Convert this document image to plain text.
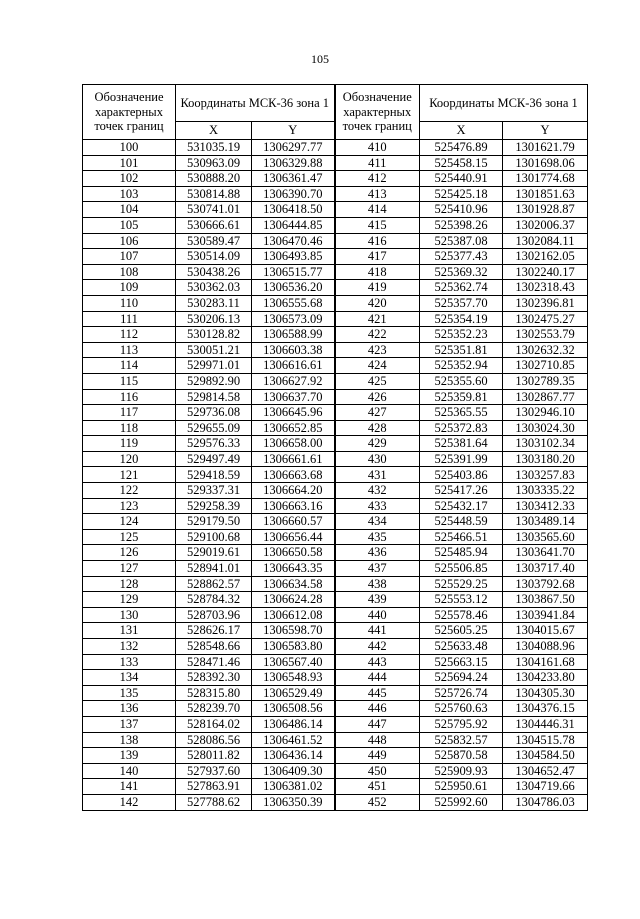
105
Обозначение характерных точек границ	Координаты МСК-36 зона 1		Обозначение характерных точек границ	Координаты МСК-36 зона 1	
	X	Y		X	Y
100	531035.19	1306297.77	410	525476.89	1301621.79
101	530963.09	1306329.88	411	525458.15	1301698.06
102	530888.20	1306361.47	412	525440.91	1301774.68
103	530814.88	1306390.70	413	525425.18	1301851.63
104	530741.01	1306418.50	414	525410.96	1301928.87
105	530666.61	1306444.85	415	525398.26	1302006.37
106	530589.47	1306470.46	416	525387.08	1302084.11
107	530514.09	1306493.85	417	525377.43	1302162.05
108	530438.26	1306515.77	418	525369.32	1302240.17
109	530362.03	1306536.20	419	525362.74	1302318.43
110	530283.11	1306555.68	420	525357.70	1302396.81
111	530206.13	1306573.09	421	525354.19	1302475.27
112	530128.82	1306588.99	422	525352.23	1302553.79
113	530051.21	1306603.38	423	525351.81	1302632.32
114	529971.01	1306616.61	424	525352.94	1302710.85
115	529892.90	1306627.92	425	525355.60	1302789.35
116	529814.58	1306637.70	426	525359.81	1302867.77
117	529736.08	1306645.96	427	525365.55	1302946.10
118	529655.09	1306652.85	428	525372.83	1303024.30
119	529576.33	1306658.00	429	525381.64	1303102.34
120	529497.49	1306661.61	430	525391.99	1303180.20
121	529418.59	1306663.68	431	525403.86	1303257.83
122	529337.31	1306664.20	432	525417.26	1303335.22
123	529258.39	1306663.16	433	525432.17	1303412.33
124	529179.50	1306660.57	434	525448.59	1303489.14
125	529100.68	1306656.44	435	525466.51	1303565.60
126	529019.61	1306650.58	436	525485.94	1303641.70
127	528941.01	1306643.35	437	525506.85	1303717.40
128	528862.57	1306634.58	438	525529.25	1303792.68
129	528784.32	1306624.28	439	525553.12	1303867.50
130	528703.96	1306612.08	440	525578.46	1303941.84
131	528626.17	1306598.70	441	525605.25	1304015.67
132	528548.66	1306583.80	442	525633.48	1304088.96
133	528471.46	1306567.40	443	525663.15	1304161.68
134	528392.30	1306548.93	444	525694.24	1304233.80
135	528315.80	1306529.49	445	525726.74	1304305.30
136	528239.70	1306508.56	446	525760.63	1304376.15
137	528164.02	1306486.14	447	525795.92	1304446.31
138	528086.56	1306461.52	448	525832.57	1304515.78
139	528011.82	1306436.14	449	525870.58	1304584.50
140	527937.60	1306409.30	450	525909.93	1304652.47
141	527863.91	1306381.02	451	525950.61	1304719.66
142	527788.62	1306350.39	452	525992.60	1304786.03
